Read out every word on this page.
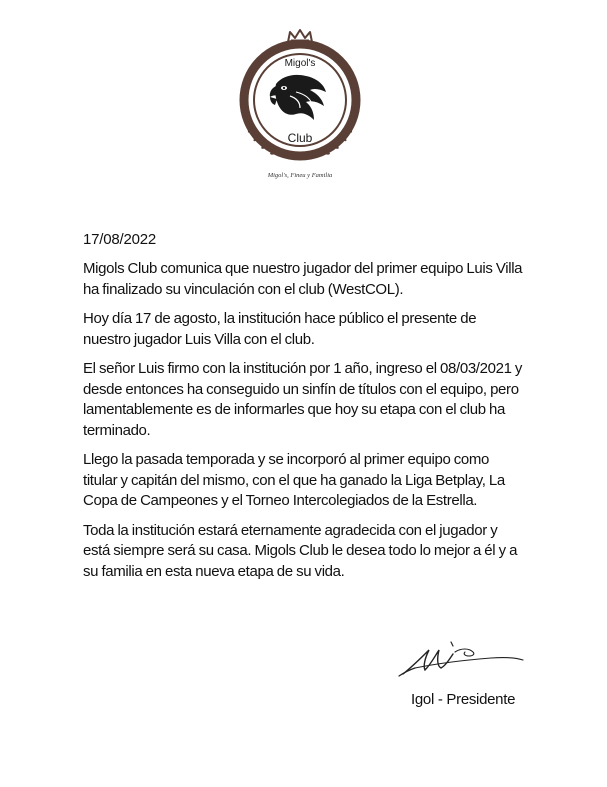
Migol's
Club
Migol's, Fineu y Familia

17/08/2022

Migols Club comunica que nuestro jugador del primer equipo Luis Villa ha finalizado su vinculación con el club (WestCOL).

Hoy día 17 de agosto, la institución hace público el presente de nuestro jugador Luis Villa con el club.

El señor Luis firmo con la institución por 1 año, ingreso el 08/03/2021 y desde entonces ha conseguido un sinfín de títulos con el equipo, pero lamentablemente es de informarles que hoy su etapa con el club ha terminado.

Llego la pasada temporada y se incorporó al primer equipo como titular y capitán del mismo, con el que ha ganado la Liga Betplay, La Copa de Campeones y el Torneo Intercolegiados de la Estrella.

Toda la institución estará eternamente agradecida con el jugador y está siempre será su casa. Migols Club le desea todo lo mejor a él y a su familia en esta nueva etapa de su vida.

Igol - Presidente
